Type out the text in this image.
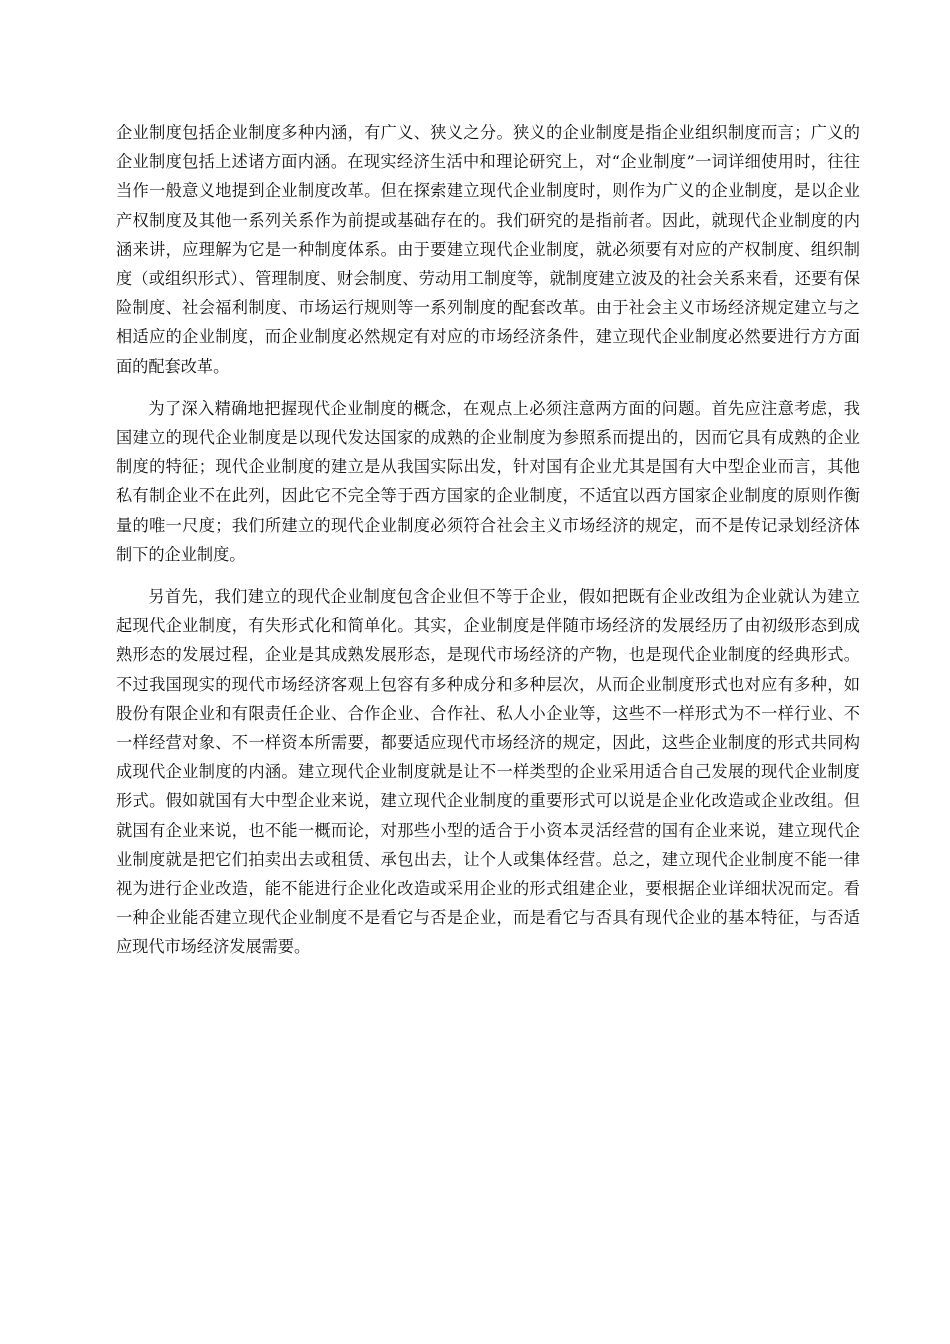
企业制度包括企业制度多种内涵，有广义、狭义之分。狭义的企业制度是指企业组织制度而言；广义的企业制度包括上述诸方面内涵。在现实经济生活中和理论研究上，对“企业制度”一词详细使用时，往往当作一般意义地提到企业制度改革。但在探索建立现代企业制度时，则作为广义的企业制度，是以企业产权制度及其他一系列关系作为前提或基础存在的。我们研究的是指前者。因此，就现代企业制度的内涵来讲，应理解为它是一种制度体系。由于要建立现代企业制度，就必须要有对应的产权制度、组织制度（或组织形式）、管理制度、财会制度、劳动用工制度等，就制度建立波及的社会关系来看，还要有保险制度、社会福利制度、市场运行规则等一系列制度的配套改革。由于社会主义市场经济规定建立与之相适应的企业制度，而企业制度必然规定有对应的市场经济条件，建立现代企业制度必然要进行方方面面的配套改革。

为了深入精确地把握现代企业制度的概念，在观点上必须注意两方面的问题。首先应注意考虑，我国建立的现代企业制度是以现代发达国家的成熟的企业制度为参照系而提出的，因而它具有成熟的企业制度的特征；现代企业制度的建立是从我国实际出发，针对国有企业尤其是国有大中型企业而言，其他私有制企业不在此列，因此它不完全等于西方国家的企业制度，不适宜以西方国家企业制度的原则作衡量的唯一尺度；我们所建立的现代企业制度必须符合社会主义市场经济的规定，而不是传记录划经济体制下的企业制度。

另首先，我们建立的现代企业制度包含企业但不等于企业，假如把既有企业改组为企业就认为建立起现代企业制度，有失形式化和简单化。其实，企业制度是伴随市场经济的发展经历了由初级形态到成熟形态的发展过程，企业是其成熟发展形态，是现代市场经济的产物，也是现代企业制度的经典形式。不过我国现实的现代市场经济客观上包容有多种成分和多种层次，从而企业制度形式也对应有多种，如股份有限企业和有限责任企业、合作企业、合作社、私人小企业等，这些不一样形式为不一样行业、不一样经营对象、不一样资本所需要，都要适应现代市场经济的规定，因此，这些企业制度的形式共同构成现代企业制度的内涵。建立现代企业制度就是让不一样类型的企业采用适合自己发展的现代企业制度形式。假如就国有大中型企业来说，建立现代企业制度的重要形式可以说是企业化改造或企业改组。但就国有企业来说，也不能一概而论，对那些小型的适合于小资本灵活经营的国有企业来说，建立现代企业制度就是把它们拍卖出去或租赁、承包出去，让个人或集体经营。总之，建立现代企业制度不能一律视为进行企业改造，能不能进行企业化改造或采用企业的形式组建企业，要根据企业详细状况而定。看一种企业能否建立现代企业制度不是看它与否是企业，而是看它与否具有现代企业的基本特征，与否适应现代市场经济发展需要。
